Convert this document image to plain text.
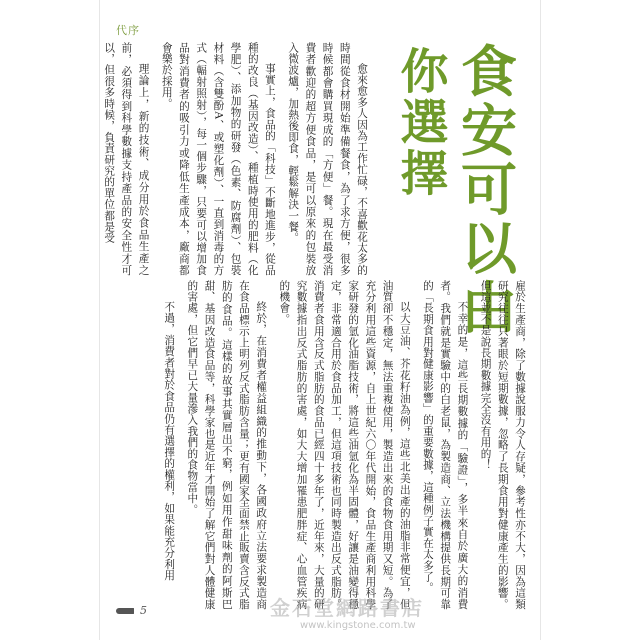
代序
食安可以由
你選擇

愈來愈多人因為工作忙碌，不喜歡花太多的時間從食材開始準備餐食，為了求方便，很多時候都會購買現成的「方便」餐。現在最受消費者歡迎的超方便食品，是可以原來的包裝放入微波爐，加熱後即食，輕鬆解決一餐。

事實上，食品的「科技」不斷地進步，從品種的改良（基因改造）、種植時使用的肥料（化學肥）、添加物的研發（色素、防腐劑）、包裝材料（含雙酚A、或塑化劑）、一直到消毒的方式（輻射照射），每一個步驟，只要可以增加食品對消費者的吸引力或降低生產成本，廠商都會樂於採用。

理論上，新的技術、成分用於食品生產之前，必須得到科學數據支持產品的安全性才可以，但很多時候，負責研究的單位都是受

雇於生產商，除了數據說服力令人存疑，參考性亦不大，因為這類研究往往只著眼於短期數據，忽略了長期食用對健康產生的影響。但這並不是說長期數據完全沒有用的！

不幸的是，這些長期數據的「驗證」，多半來自於廣大的消費者。我們就是實驗中的白老鼠，為製造商、立法機構提供長期可靠的「長期食用對健康影響」的重要數據，這種例子實在太多了。

以大豆油、芥花籽油為例，這些北美出產的油脂非常便宜，但油質卻不穩定，無法重複使用，製造出來的食物食用期又短。為了充分利用這些資源，自上世紀六〇年代開始，食品生產商利用科學家研發的氫化油脂技術，將這些油氫化為半固體，好讓是油變得穩定，非常適合用於食品加工，但這項技術也同時製造出反式脂肪。消費者食用含反式脂肪的食品已經四十多年了，近年來，大量的研究數據指出反式脂肪的害處，如大大增加罹患肥胖症、心血管疾病的機會。

終於，在消費者權益組織的推動下，各國政府立法要求製造商在食品標示上明列反式脂肪含量；更有國家全面禁止販賣含反式脂肪的食品。這樣的故事其實層出不窮，例如用作甜味劑的阿斯巴甜、基因改造食品等，科學家也是近年才開始了解它們對人體健康的害處，但它們早已大量滲入我們的食物當中。

不過，消費者對於食品仍有選擇的權利，如果能充分利用

5	金石堂網路書店
www.kingstone.com.tw
